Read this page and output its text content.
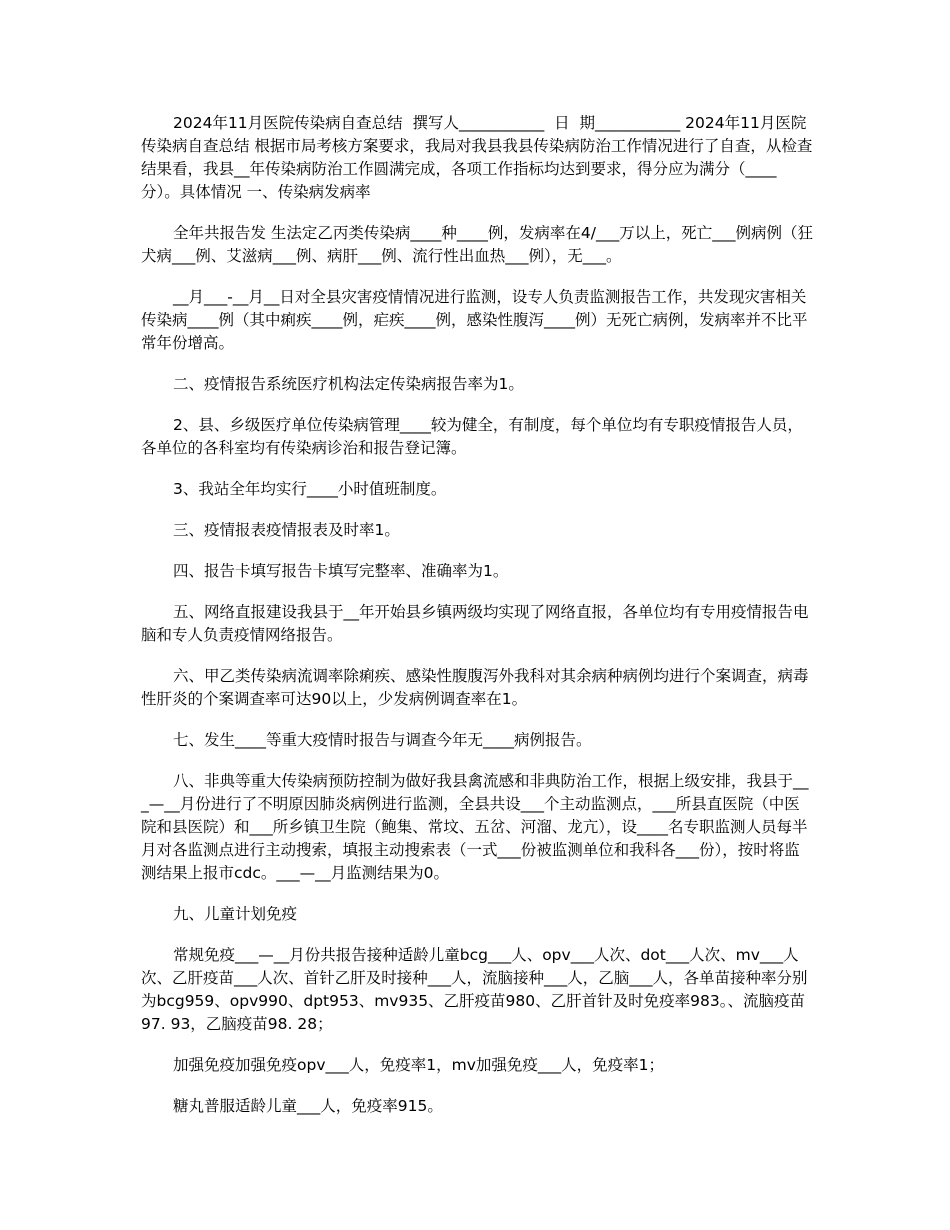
2024年11月医院传染病自查总结  撰写人___________  日  期___________ 2024年11月医院传染病自查总结 根据市局考核方案要求，我局对我县我县传染病防治工作情况进行了自查，从检查结果看，我县__年传染病防治工作圆满完成，各项工作指标均达到要求，得分应为满分（____分）。具体情况 一、传染病发病率

全年共报告发 生法定乙丙类传染病____种____例，发病率在4/___万以上，死亡___例病例（狂犬病___例、艾滋病___例、病肝___例、流行性出血热___例），无___。

__月___-__月__日对全县灾害疫情情况进行监测，设专人负责监测报告工作，共发现灾害相关传染病____例（其中痢疾____例，疟疾____例，感染性腹泻____例）无死亡病例，发病率并不比平常年份增高。

二、疫情报告系统医疗机构法定传染病报告率为1。

2、县、乡级医疗单位传染病管理____较为健全，有制度，每个单位均有专职疫情报告人员，各单位的各科室均有传染病诊治和报告登记簿。

3、我站全年均实行____小时值班制度。

三、疫情报表疫情报表及时率1。

四、报告卡填写报告卡填写完整率、准确率为1。

五、网络直报建设我县于__年开始县乡镇两级均实现了网络直报，各单位均有专用疫情报告电脑和专人负责疫情网络报告。

六、甲乙类传染病流调率除痢疾、感染性腹腹泻外我科对其余病种病例均进行个案调查，病毒性肝炎的个案调查率可达90以上，少发病例调查率在1。

七、发生____等重大疫情时报告与调查今年无____病例报告。

八、非典等重大传染病预防控制为做好我县禽流感和非典防治工作，根据上级安排，我县于___—__月份进行了不明原因肺炎病例进行监测，全县共设___个主动监测点，___所县直医院（中医院和县医院）和___所乡镇卫生院（鲍集、常坟、五岔、河溜、龙亢），设____名专职监测人员每半月对各监测点进行主动搜索，填报主动搜索表（一式___份被监测单位和我科各___份），按时将监测结果上报市cdc。___—__月监测结果为0。

九、儿童计划免疫

常规免疫___—__月份共报告接种适龄儿童bcg___人、opv___人次、dot___人次、mv___人次、乙肝疫苗___人次、首针乙肝及时接种___人，流脑接种___人，乙脑___人，各单苗接种率分别为bcg959、opv990、dpt953、mv935、乙肝疫苗980、乙肝首针及时免疫率983。、流脑疫苗97. 93，乙脑疫苗98. 28；

加强免疫加强免疫opv___人，免疫率1，mv加强免疫___人，免疫率1；

糖丸普服适龄儿童___人，免疫率915。
